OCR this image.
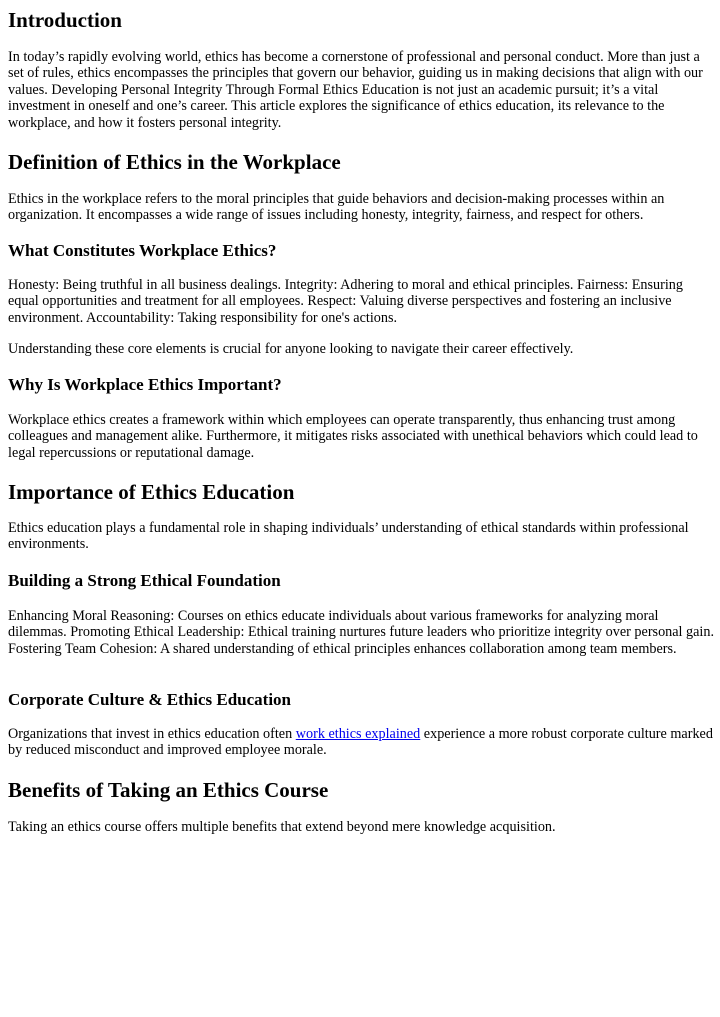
Introduction

In today’s rapidly evolving world, ethics has become a cornerstone of professional and personal conduct. More than just a set of rules, ethics encompasses the principles that govern our behavior, guiding us in making decisions that align with our values. Developing Personal Integrity Through Formal Ethics Education is not just an academic pursuit; it’s a vital investment in oneself and one’s career. This article explores the significance of ethics education, its relevance to the workplace, and how it fosters personal integrity.

Definition of Ethics in the Workplace

Ethics in the workplace refers to the moral principles that guide behaviors and decision-making processes within an organization. It encompasses a wide range of issues including honesty, integrity, fairness, and respect for others.

What Constitutes Workplace Ethics?

Honesty: Being truthful in all business dealings. Integrity: Adhering to moral and ethical principles. Fairness: Ensuring equal opportunities and treatment for all employees. Respect: Valuing diverse perspectives and fostering an inclusive environment. Accountability: Taking responsibility for one's actions.

Understanding these core elements is crucial for anyone looking to navigate their career effectively.

Why Is Workplace Ethics Important?

Workplace ethics creates a framework within which employees can operate transparently, thus enhancing trust among colleagues and management alike. Furthermore, it mitigates risks associated with unethical behaviors which could lead to legal repercussions or reputational damage.

Importance of Ethics Education

Ethics education plays a fundamental role in shaping individuals’ understanding of ethical standards within professional environments.

Building a Strong Ethical Foundation

Enhancing Moral Reasoning: Courses on ethics educate individuals about various frameworks for analyzing moral dilemmas. Promoting Ethical Leadership: Ethical training nurtures future leaders who prioritize integrity over personal gain. Fostering Team Cohesion: A shared understanding of ethical principles enhances collaboration among team members.

Corporate Culture & Ethics Education

Organizations that invest in ethics education often work ethics explained experience a more robust corporate culture marked by reduced misconduct and improved employee morale.

Benefits of Taking an Ethics Course

Taking an ethics course offers multiple benefits that extend beyond mere knowledge acquisition.
